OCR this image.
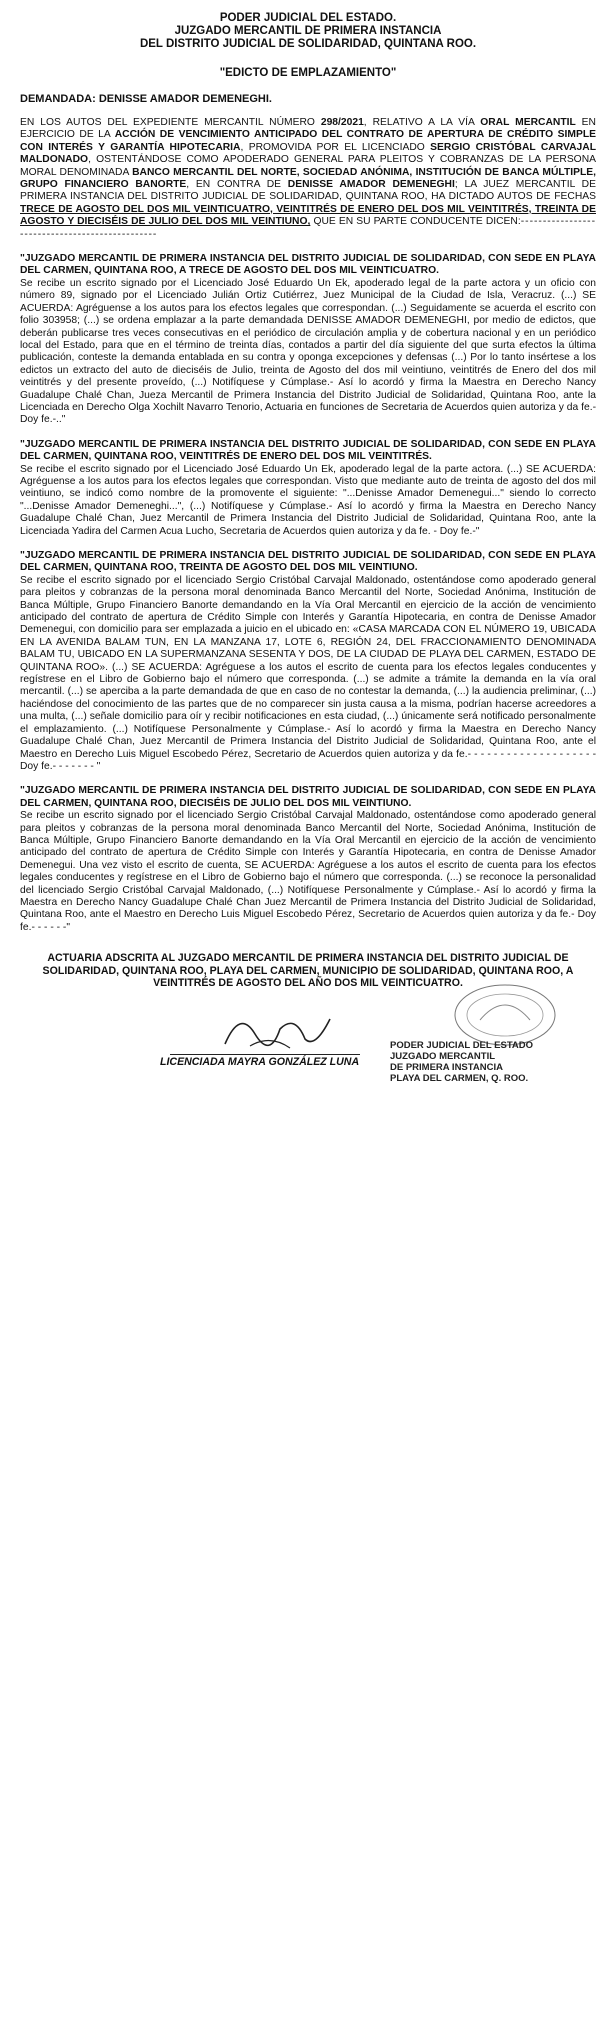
PODER JUDICIAL DEL ESTADO.
JUZGADO MERCANTIL DE PRIMERA INSTANCIA
DEL DISTRITO JUDICIAL DE SOLIDARIDAD, QUINTANA ROO.
"EDICTO DE EMPLAZAMIENTO"
DEMANDADA: DENISSE AMADOR DEMENEGHI.
EN LOS AUTOS DEL EXPEDIENTE MERCANTIL NÚMERO 298/2021, RELATIVO A LA VÍA ORAL MERCANTIL EN EJERCICIO DE LA ACCIÓN DE VENCIMIENTO ANTICIPADO DEL CONTRATO DE APERTURA DE CRÉDITO SIMPLE CON INTERÉS Y GARANTÍA HIPOTECARIA, PROMOVIDA POR EL LICENCIADO SERGIO CRISTÓBAL CARVAJAL MALDONADO, OSTENTÁNDOSE COMO APODERADO GENERAL PARA PLEITOS Y COBRANZAS DE LA PERSONA MORAL DENOMINADA BANCO MERCANTIL DEL NORTE, SOCIEDAD ANÓNIMA, INSTITUCIÓN DE BANCA MÚLTIPLE, GRUPO FINANCIERO BANORTE, EN CONTRA DE DENISSE AMADOR DEMENEGHI; LA JUEZ MERCANTIL DE PRIMERA INSTANCIA DEL DISTRITO JUDICIAL DE SOLIDARIDAD, QUINTANA ROO, HA DICTADO AUTOS DE FECHAS TRECE DE AGOSTO DEL DOS MIL VEINTICUATRO, VEINTITRÉS DE ENERO DEL DOS MIL VEINTITRÉS, TREINTA DE AGOSTO Y DIECISÉIS DE JULIO DEL DOS MIL VEINTIUNO, QUE EN SU PARTE CONDUCENTE DICEN:------------------------------------------------
"JUZGADO MERCANTIL DE PRIMERA INSTANCIA DEL DISTRITO JUDICIAL DE SOLIDARIDAD, CON SEDE EN PLAYA DEL CARMEN, QUINTANA ROO, A TRECE DE AGOSTO DEL DOS MIL VEINTICUATRO.
Se recibe un escrito signado por el Licenciado José Eduardo Un Ek, apoderado legal de la parte actora y un oficio con número 89, signado por el Licenciado Julián Ortiz Cutiérrez, Juez Municipal de la Ciudad de Isla, Veracruz. (...) SE ACUERDA: Agréguense a los autos para los efectos legales que correspondan. (...) Seguidamente se acuerda el escrito con folio 303958; (...) se ordena emplazar a la parte demandada DENISSE AMADOR DEMENEGHI, por medio de edictos, que deberán publicarse tres veces consecutivas en el periódico de circulación amplia y de cobertura nacional y en un periódico local del Estado, para que en el término de treinta días, contados a partir del día siguiente del que surta efectos la última publicación, conteste la demanda entablada en su contra y oponga excepciones y defensas (...) Por lo tanto insértese a los edictos un extracto del auto de dieciséis de Julio, treinta de Agosto del dos mil veintiuno, veintitrés de Enero del dos mil veintitrés y del presente proveído, (...) Notifíquese y Cúmplase.- Así lo acordó y firma la Maestra en Derecho Nancy Guadalupe Chalé Chan, Jueza Mercantil de Primera Instancia del Distrito Judicial de Solidaridad, Quintana Roo, ante la Licenciada en Derecho Olga Xochilt Navarro Tenorio, Actuaria en funciones de Secretaria de Acuerdos quien autoriza y da fe.- Doy fe.-.."
"JUZGADO MERCANTIL DE PRIMERA INSTANCIA DEL DISTRITO JUDICIAL DE SOLIDARIDAD, CON SEDE EN PLAYA DEL CARMEN, QUINTANA ROO, VEINTITRÉS DE ENERO DEL DOS MIL VEINTITRÉS.
Se recibe el escrito signado por el Licenciado José Eduardo Un Ek, apoderado legal de la parte actora. (...) SE ACUERDA: Agréguense a los autos para los efectos legales que correspondan. Visto que mediante auto de treinta de agosto del dos mil veintiuno, se indicó como nombre de la promovente el siguiente: "...Denisse Amador Demenegui..." siendo lo correcto "...Denisse Amador Demeneghi...", (...) Notifíquese y Cúmplase.- Así lo acordó y firma la Maestra en Derecho Nancy Guadalupe Chalé Chan, Juez Mercantil de Primera Instancia del Distrito Judicial de Solidaridad, Quintana Roo, ante la Licenciada Yadira del Carmen Acua Lucho, Secretaria de Acuerdos quien autoriza y da fe. - Doy fe.-"
"JUZGADO MERCANTIL DE PRIMERA INSTANCIA DEL DISTRITO JUDICIAL DE SOLIDARIDAD, CON SEDE EN PLAYA DEL CARMEN, QUINTANA ROO, TREINTA DE AGOSTO DEL DOS MIL VEINTIUNO.
Se recibe el escrito signado por el licenciado Sergio Cristóbal Carvajal Maldonado, ostentándose como apoderado general para pleitos y cobranzas de la persona moral denominada Banco Mercantil del Norte, Sociedad Anónima, Institución de Banca Múltiple, Grupo Financiero Banorte demandando en la Vía Oral Mercantil en ejercicio de la acción de vencimiento anticipado del contrato de apertura de Crédito Simple con Interés y Garantía Hipotecaria, en contra de Denisse Amador Demenegui, con domicilio para ser emplazada a juicio en el ubicado en: «CASA MARCADA CON EL NÚMERO 19, UBICADA EN LA AVENIDA BALAM TUN, EN LA MANZANA 17, LOTE 6, REGIÓN 24, DEL FRACCIONAMIENTO DENOMINADA BALAM TU, UBICADO EN LA SUPERMANZANA SESENTA Y DOS, DE LA CIUDAD DE PLAYA DEL CARMEN, ESTADO DE QUINTANA ROO». (...) SE ACUERDA: Agréguese a los autos el escrito de cuenta para los efectos legales conducentes y regístrese en el Libro de Gobierno bajo el número que corresponda. (...) se admite a trámite la demanda en la vía oral mercantil. (...) se aperciba a la parte demandada de que en caso de no contestar la demanda, (...) la audiencia preliminar, (...) haciéndose del conocimiento de las partes que de no comparecer sin justa causa a la misma, podrían hacerse acreedores a una multa, (...) señale domicilio para oír y recibir notificaciones en esta ciudad, (...) únicamente será notificado personalmente el emplazamiento. (...) Notifíquese Personalmente y Cúmplase.- Así lo acordó y firma la Maestra en Derecho Nancy Guadalupe Chalé Chan, Juez Mercantil de Primera Instancia del Distrito Judicial de Solidaridad, Quintana Roo, ante el Maestro en Derecho Luis Miguel Escobedo Pérez, Secretario de Acuerdos quien autoriza y da fe.- - - - - - - - - - - - - - - - - - - - Doy fe.- - - - - - - "
"JUZGADO MERCANTIL DE PRIMERA INSTANCIA DEL DISTRITO JUDICIAL DE SOLIDARIDAD, CON SEDE EN PLAYA DEL CARMEN, QUINTANA ROO, DIECISÉIS DE JULIO DEL DOS MIL VEINTIUNO.
Se recibe un escrito signado por el licenciado Sergio Cristóbal Carvajal Maldonado, ostentándose como apoderado general para pleitos y cobranzas de la persona moral denominada Banco Mercantil del Norte, Sociedad Anónima, Institución de Banca Múltiple, Grupo Financiero Banorte demandando en la Vía Oral Mercantil en ejercicio de la acción de vencimiento anticipado del contrato de apertura de Crédito Simple con Interés y Garantía Hipotecaria, en contra de Denisse Amador Demenegui. Una vez visto el escrito de cuenta, SE ACUERDA: Agréguese a los autos el escrito de cuenta para los efectos legales conducentes y regístrese en el Libro de Gobierno bajo el número que corresponda. (...) se reconoce la personalidad del licenciado Sergio Cristóbal Carvajal Maldonado, (...) Notifíquese Personalmente y Cúmplase.- Así lo acordó y firma la Maestra en Derecho Nancy Guadalupe Chalé Chan Juez Mercantil de Primera Instancia del Distrito Judicial de Solidaridad, Quintana Roo, ante el Maestro en Derecho Luis Miguel Escobedo Pérez, Secretario de Acuerdos quien autoriza y da fe.- Doy fe.- - - - - -"
ACTUARIA ADSCRITA AL JUZGADO MERCANTIL DE PRIMERA INSTANCIA DEL DISTRITO JUDICIAL DE
SOLIDARIDAD, QUINTANA ROO, PLAYA DEL CARMEN, MUNICIPIO DE SOLIDARIDAD, QUINTANA ROO, A
VEINTITRÉS DE AGOSTO DEL AÑO DOS MIL VEINTICUATRO.
LICENCIADA MAYRA GONZÁLEZ LUNA
PODER JUDICIAL DEL ESTADO
JUZGADO MERCANTIL
DE PRIMERA INSTANCIA
PLAYA DEL CARMEN, Q. ROO.
